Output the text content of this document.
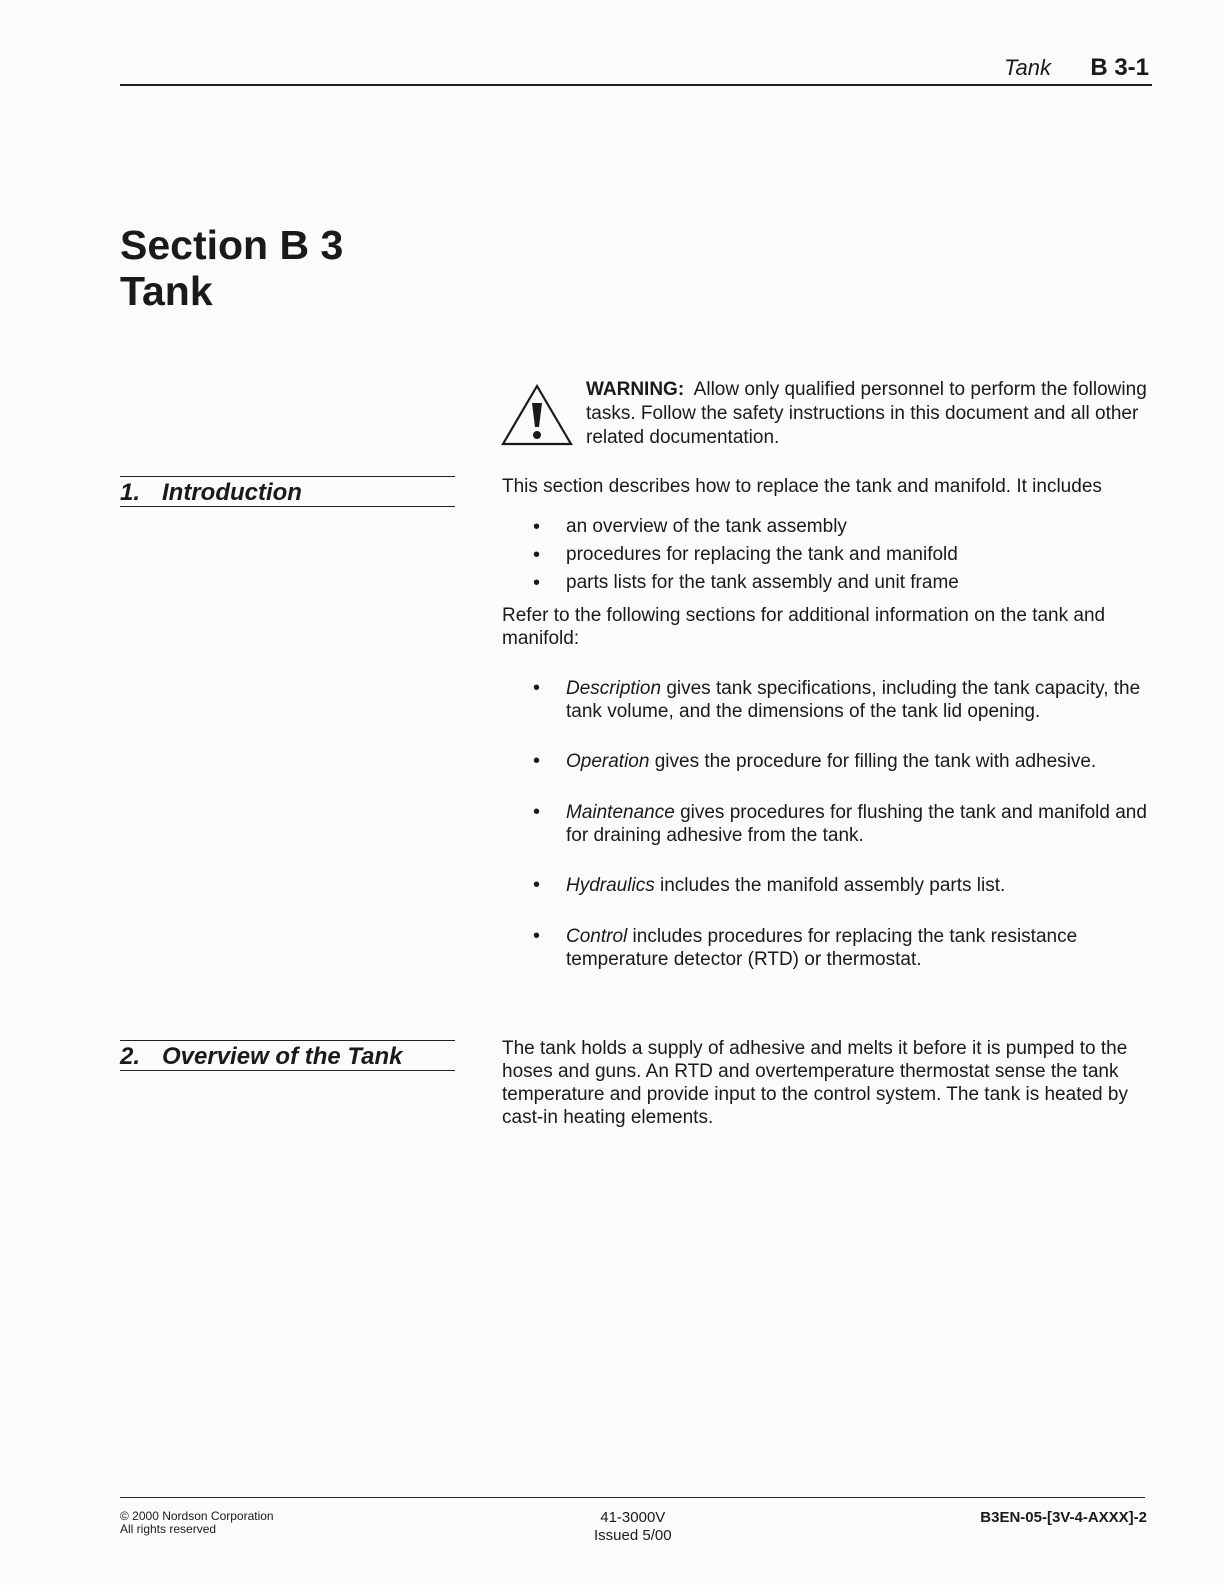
Tank B 3-1
Section B 3
Tank
WARNING: Allow only qualified personnel to perform the following tasks. Follow the safety instructions in this document and all other related documentation.
1. Introduction	This section describes how to replace the tank and manifold. It includes
• an overview of the tank assembly
• procedures for replacing the tank and manifold
• parts lists for the tank assembly and unit frame
Refer to the following sections for additional information on the tank and manifold:
• Description gives tank specifications, including the tank capacity, the tank volume, and the dimensions of the tank lid opening.
• Operation gives the procedure for filling the tank with adhesive.
• Maintenance gives procedures for flushing the tank and manifold and for draining adhesive from the tank.
• Hydraulics includes the manifold assembly parts list.
• Control includes procedures for replacing the tank resistance temperature detector (RTD) or thermostat.
2. Overview of the Tank	The tank holds a supply of adhesive and melts it before it is pumped to the hoses and guns. An RTD and overtemperature thermostat sense the tank temperature and provide input to the control system. The tank is heated by cast-in heating elements.
© 2000 Nordson Corporation
All rights reserved
41-3000V
Issued 5/00
B3EN-05-[3V-4-AXXX]-2
